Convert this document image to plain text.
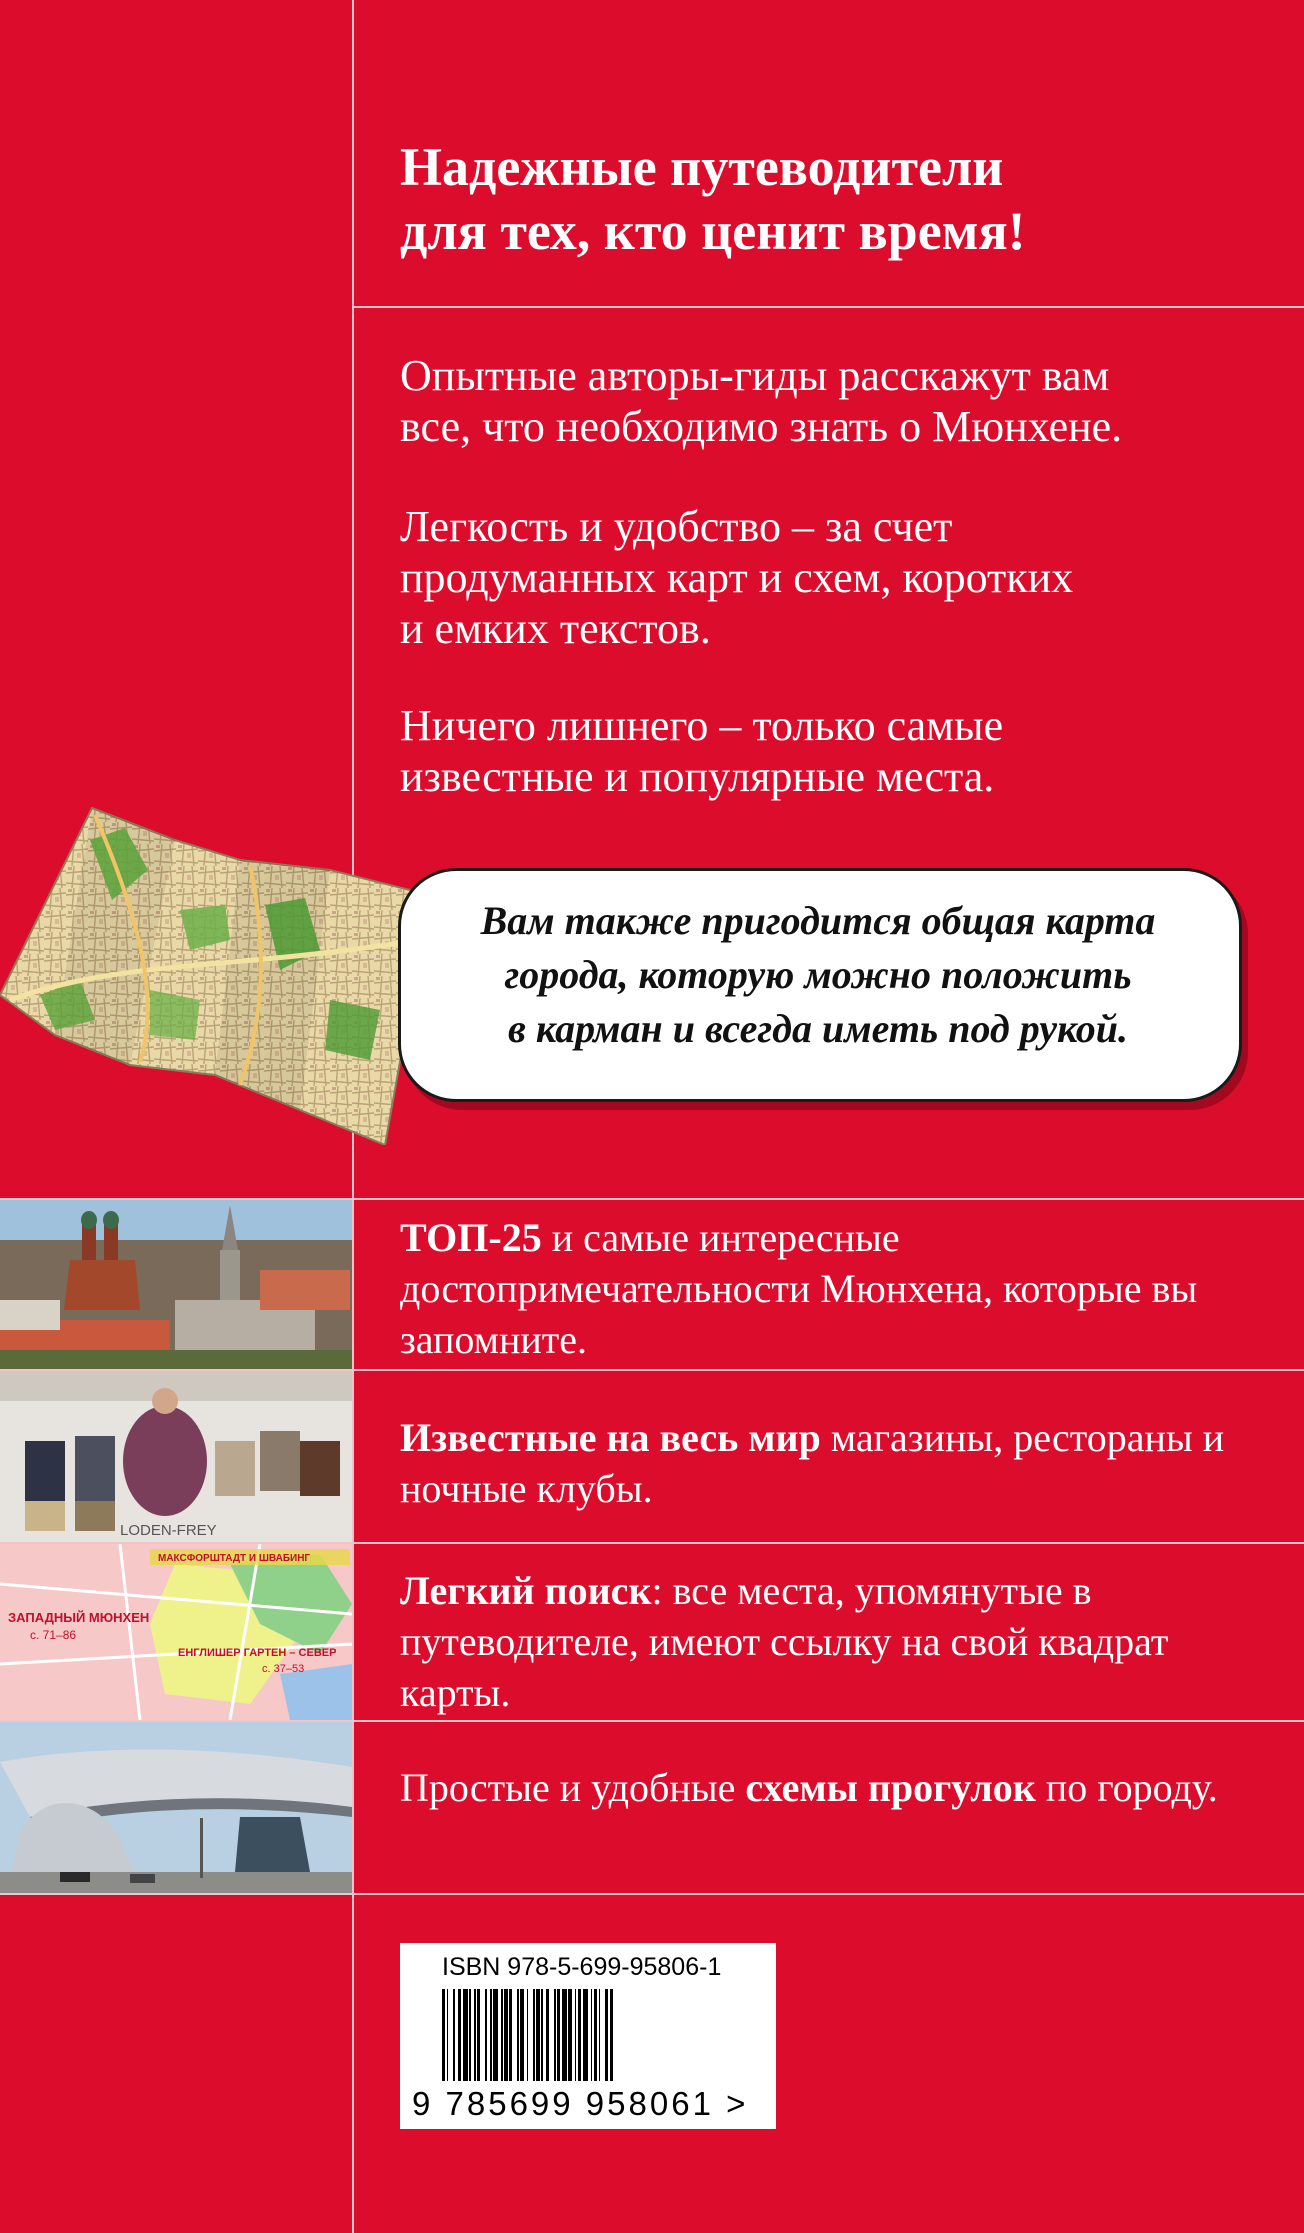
Надежные путеводители
для тех, кто ценит время!

Опытные авторы-гиды расскажут вам
все, что необходимо знать о Мюнхене.

Легкость и удобство – за счет
продуманных карт и схем, коротких
и емких текстов.

Ничего лишнего – только самые
известные и популярные места.

Вам также пригодится общая карта
города, которую можно положить
в карман и всегда иметь под рукой.

LODEN-FREY
ЗАПАДНЫЙ МЮНХЕН
с. 71–86
ЕНГЛИШЕР ГАРТЕН – СЕВЕР
с. 37–53
МАКСФОРШТАДТ И ШВАБИНГ

ТОП-25 и самые интересные достопримечательности Мюнхена, которые вы запомните.

Известные на весь мир магазины, рестораны и ночные клубы.

Легкий поиск: все места, упомянутые в путеводителе, имеют ссылку на свой квадрат карты.

Простые и удобные схемы прогулок по городу.

ISBN 978-5-699-95806-1
9 785699 958061 >
